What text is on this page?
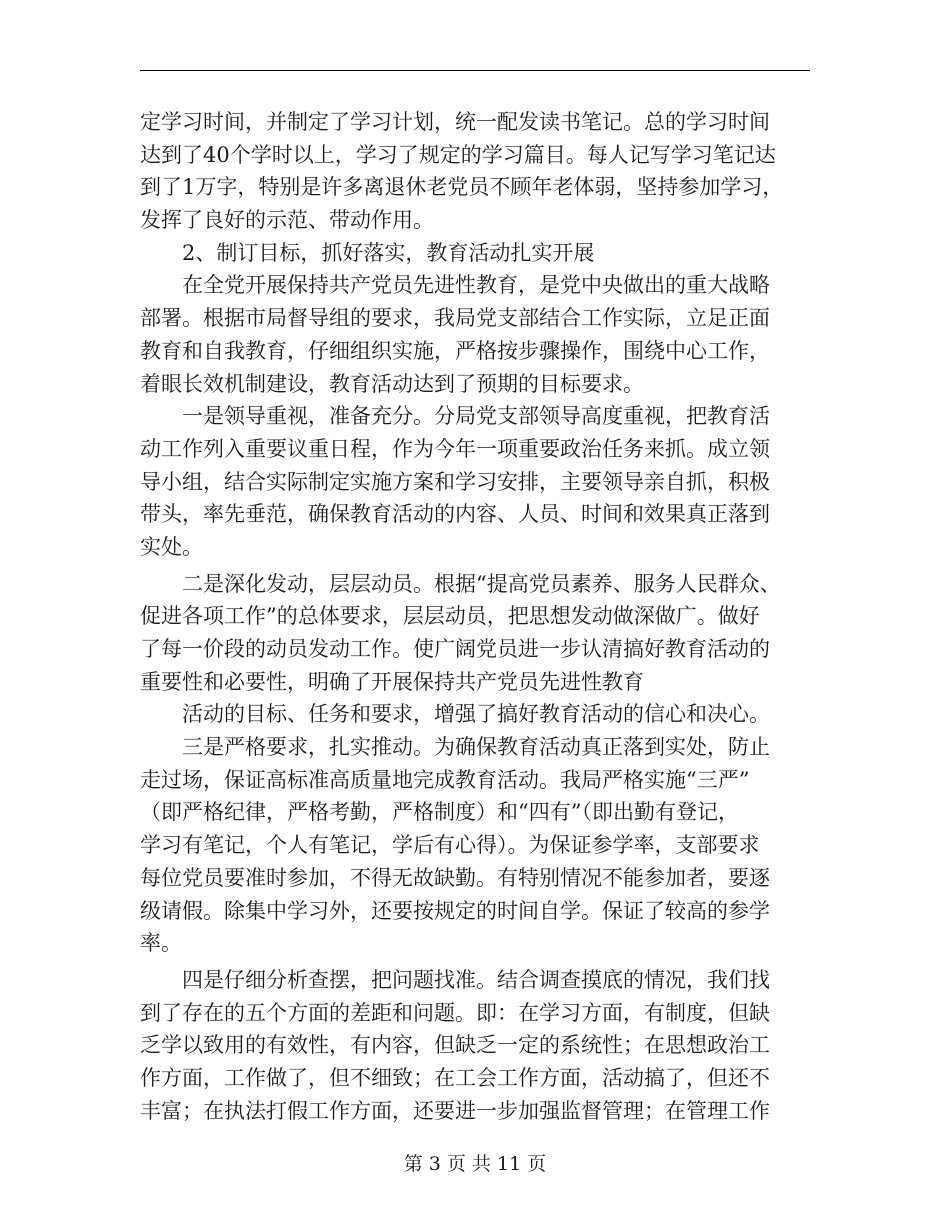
定学习时间，并制定了学习计划，统一配发读书笔记。总的学习时间
达到了40个学时以上，学习了规定的学习篇目。每人记写学习笔记达
到了1万字，特别是许多离退休老党员不顾年老体弱，坚持参加学习，
发挥了良好的示范、带动作用。
　　2、制订目标，抓好落实，教育活动扎实开展
　　在全党开展保持共产党员先进性教育，是党中央做出的重大战略
部署。根据市局督导组的要求，我局党支部结合工作实际，立足正面
教育和自我教育，仔细组织实施，严格按步骤操作，围绕中心工作，
着眼长效机制建设，教育活动达到了预期的目标要求。
　　一是领导重视，准备充分。分局党支部领导高度重视，把教育活
动工作列入重要议重日程，作为今年一项重要政治任务来抓。成立领
导小组，结合实际制定实施方案和学习安排，主要领导亲自抓，积极
带头，率先垂范，确保教育活动的内容、人员、时间和效果真正落到
实处。
　　二是深化发动，层层动员。根据“提高党员素养、服务人民群众、
促进各项工作”的总体要求，层层动员，把思想发动做深做广。做好
了每一价段的动员发动工作。使广阔党员进一步认清搞好教育活动的
重要性和必要性，明确了开展保持共产党员先进性教育
　　活动的目标、任务和要求，增强了搞好教育活动的信心和决心。
　　三是严格要求，扎实推动。为确保教育活动真正落到实处，防止
走过场，保证高标准高质量地完成教育活动。我局严格实施“三严”
（即严格纪律，严格考勤，严格制度）和“四有”（即出勤有登记，
学习有笔记，个人有笔记，学后有心得）。为保证参学率，支部要求
每位党员要准时参加，不得无故缺勤。有特别情况不能参加者，要逐
级请假。除集中学习外，还要按规定的时间自学。保证了较高的参学
率。
　　四是仔细分析查摆，把问题找准。结合调查摸底的情况，我们找
到了存在的五个方面的差距和问题。即：在学习方面，有制度，但缺
乏学以致用的有效性，有内容，但缺乏一定的系统性；在思想政治工
作方面，工作做了，但不细致；在工会工作方面，活动搞了，但还不
丰富；在执法打假工作方面，还要进一步加强监督管理；在管理工作
第 3 页 共 11 页
